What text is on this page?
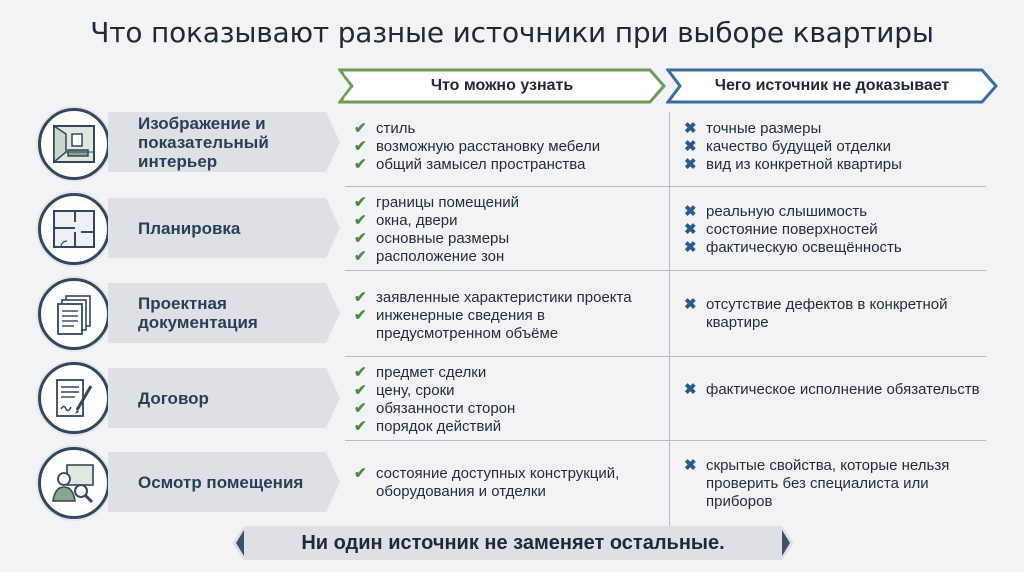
Что показывают разные источники при выборе квартиры
Что можно узнать	Чего источник не доказывает
Изображение и показательный интерьер
✔ стиль
✔ возможную расстановку мебели
✔ общий замысел пространства
✖ точные размеры
✖ качество будущей отделки
✖ вид из конкретной квартиры
Планировка
✔ границы помещений
✔ окна, двери
✔ основные размеры
✔ расположение зон
✖ реальную слышимость
✖ состояние поверхностей
✖ фактическую освещённость
Проектная документация
✔ заявленные характеристики проекта
✔ инженерные сведения в предусмотренном объёме
✖ отсутствие дефектов в конкретной квартире
Договор
✔ предмет сделки
✔ цену, сроки
✔ обязанности сторон
✔ порядок действий
✖ фактическое исполнение обязательств
Осмотр помещения	✔ состояние доступных конструкций, оборудования и отделки
✖ скрытые свойства, которые нельзя проверить без специалиста или приборов
Ни один источник не заменяет остальные.
